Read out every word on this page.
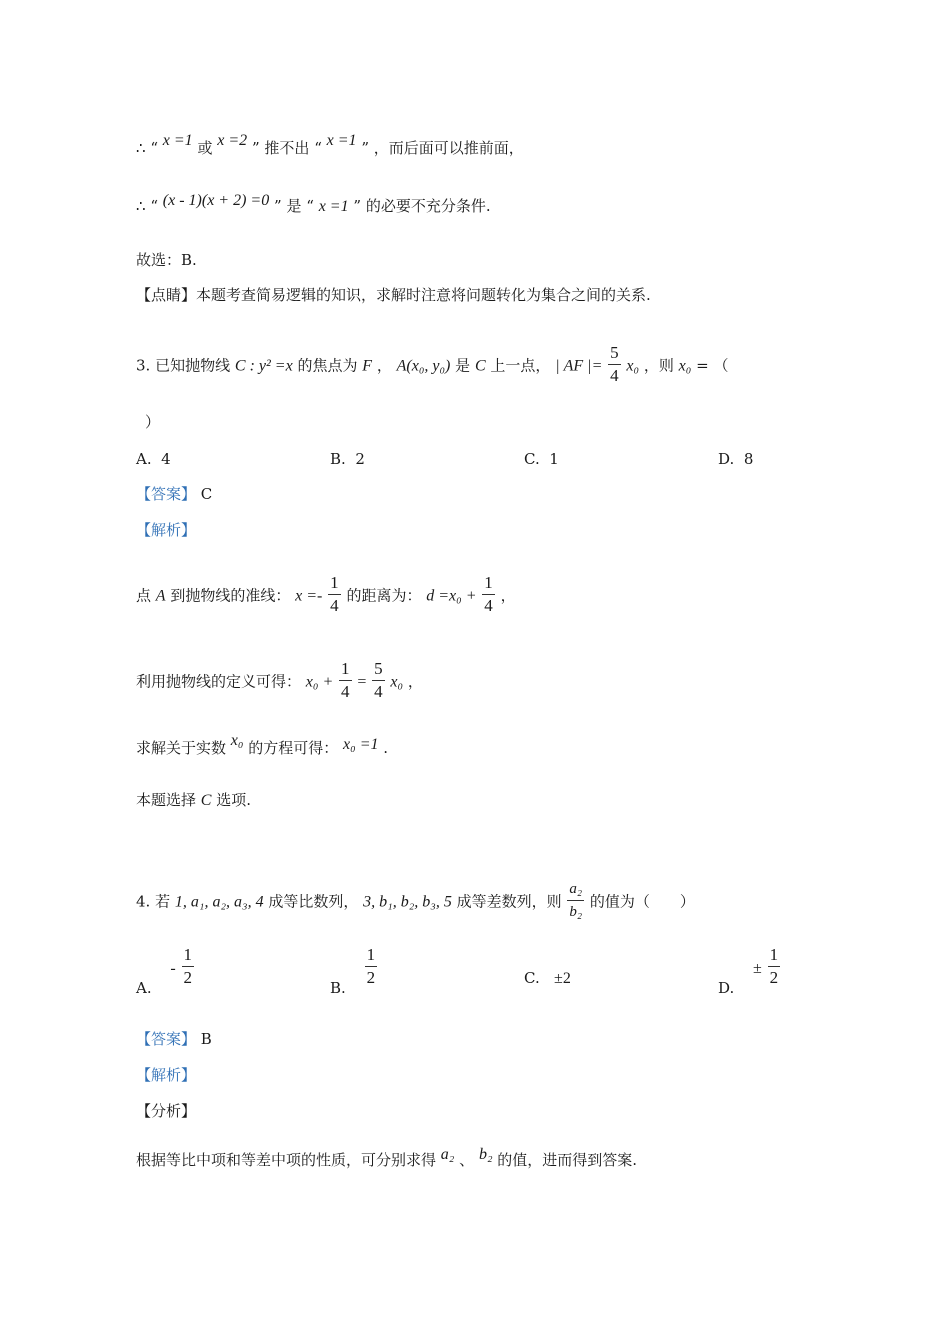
∴ “ x =1 或 x =2 ” 推不出 “ x =1 ” ，而后面可以推前面，
∴ “ (x - 1)(x + 2) =0 ” 是 “ x =1 ” 的必要不充分条件.
故选：B.
【点睛】本题考查简易逻辑的知识，求解时注意将问题转化为集合之间的关系.
3. 已知抛物线 C : y² =x 的焦点为 F ， A(x₀, y₀) 是 C 上一点， | AF |= $\frac{5}{4} x_0$ ，则 x₀ = （
）
A. 4	B. 2	C. 1	D. 8
【答案】 C
【解析】
点 A 到抛物线的准线： $x =- \frac{1}{4}$ 的距离为： $d =x_0 + \frac{1}{4}$ ，
利用抛物线的定义可得： $x_0 + \frac{1}{4} = \frac{5}{4} x_0$ ，
求解关于实数 x₀ 的方程可得： x₀ =1 .
本题选择 C 选项.
4. 若 1, a₁, a₂, a₃, 4 成等比数列， 3, b₁, b₂, b₃, 5 成等差数列，则 $\frac{\text{a₂}}{\text{b₂}}$ 的值为（　　）
A. - $\frac{1}{2}$	B. $\frac{1}{2}$	C. ±2	D. ± $\frac{1}{2}$
【答案】 B
【解析】
【分析】
根据等比中项和等差中项的性质，可分别求得 a₂ 、 b₂ 的值，进而得到答案.
